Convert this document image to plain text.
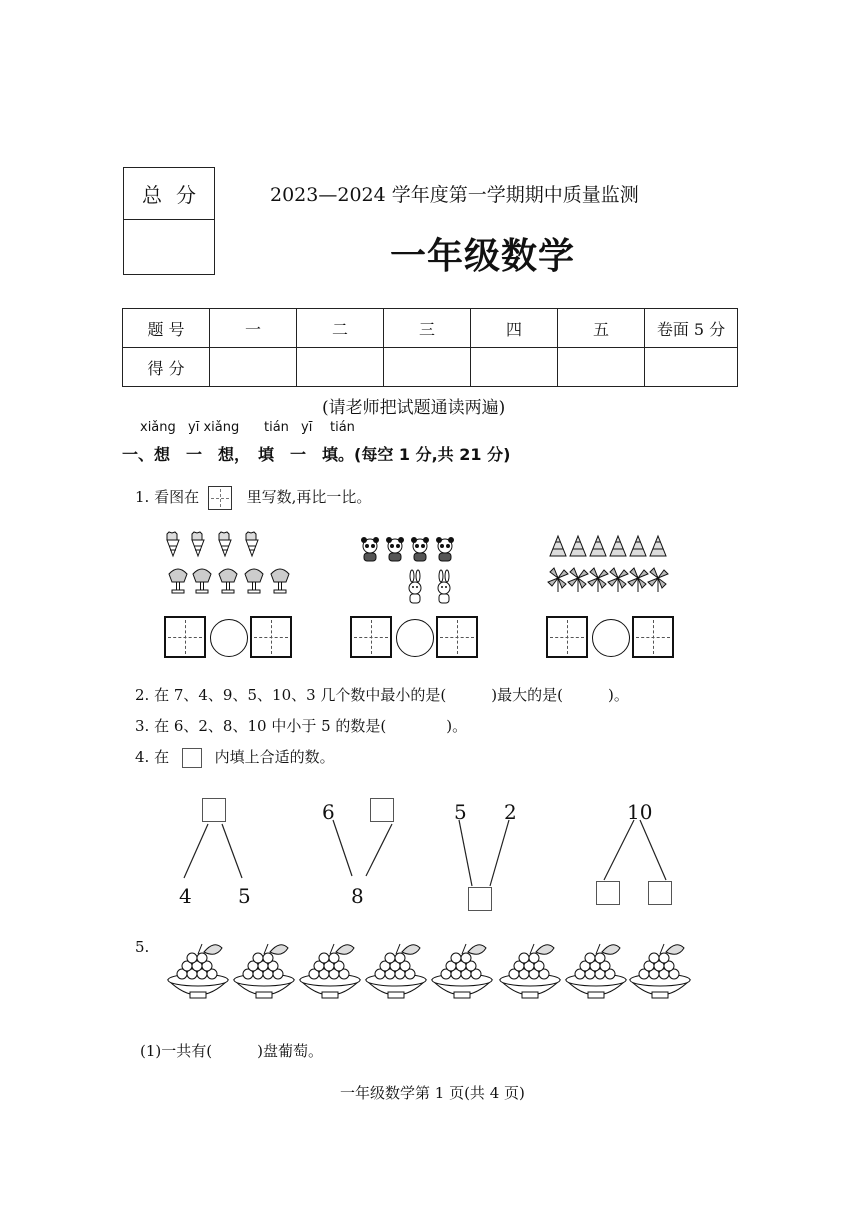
总分	2023—2024 学年度第一学期期中质量监测
一年级数学
题 号	一	二	三	四	五	卷面 5 分
得 分						
(请老师把试题通读两遍)
xiǎng yī xiǎng tián yī tián
一、想　一　想，　填　一　填。(每空 1 分,共 21 分)
1. 看图在	里写数,再比一比。
2. 在 7、4、9、5、10、3 几个数中最小的是(　　　)最大的是(　　　)。
3. 在 6、2、8、10 中小于 5 的数是(　　　　)。
4. 在	内填上合适的数。
4 5
6
8
5 2	10
5.
(1)一共有(　　　)盘葡萄。
一年级数学第 1 页(共 4 页)
